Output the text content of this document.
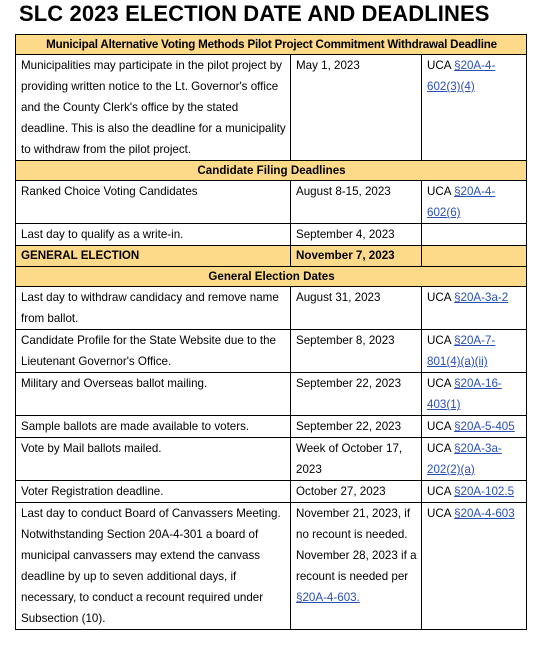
SLC 2023 ELECTION DATE AND DEADLINES
Municipal Alternative Voting Methods Pilot Project Commitment Withdrawal Deadline		
Municipalities may participate in the pilot project by providing written notice to the Lt. Governor's office and the County Clerk's office by the stated deadline. This is also the deadline for a municipality to withdraw from the pilot project.	May 1, 2023	UCA §20A-4-602(3)(4)
Candidate Filing Deadlines		
Ranked Choice Voting Candidates	August 8-15, 2023	UCA §20A-4-602(6)
Last day to qualify as a write-in.	September 4, 2023	
GENERAL ELECTION	November 7, 2023	
General Election Dates		
Last day to withdraw candidacy and remove name from ballot.	August 31, 2023	UCA §20A-3a-2
Candidate Profile for the State Website due to the Lieutenant Governor's Office.	September 8, 2023	UCA §20A-7-801(4)(a)(ii)
Military and Overseas ballot mailing.	September 22, 2023	UCA §20A-16-403(1)
Sample ballots are made available to voters.	September 22, 2023	UCA §20A-5-405
Vote by Mail ballots mailed.	Week of October 17, 2023	UCA §20A-3a-202(2)(a)
Voter Registration deadline.	October 27, 2023	UCA §20A-102.5
Last day to conduct Board of Canvassers Meeting. Notwithstanding Section 20A-4-301 a board of municipal canvassers may extend the canvass deadline by up to seven additional days, if necessary, to conduct a recount required under Subsection (10).	November 21, 2023, if no recount is needed. November 28, 2023 if a recount is needed per §20A-4-603.	UCA §20A-4-603
